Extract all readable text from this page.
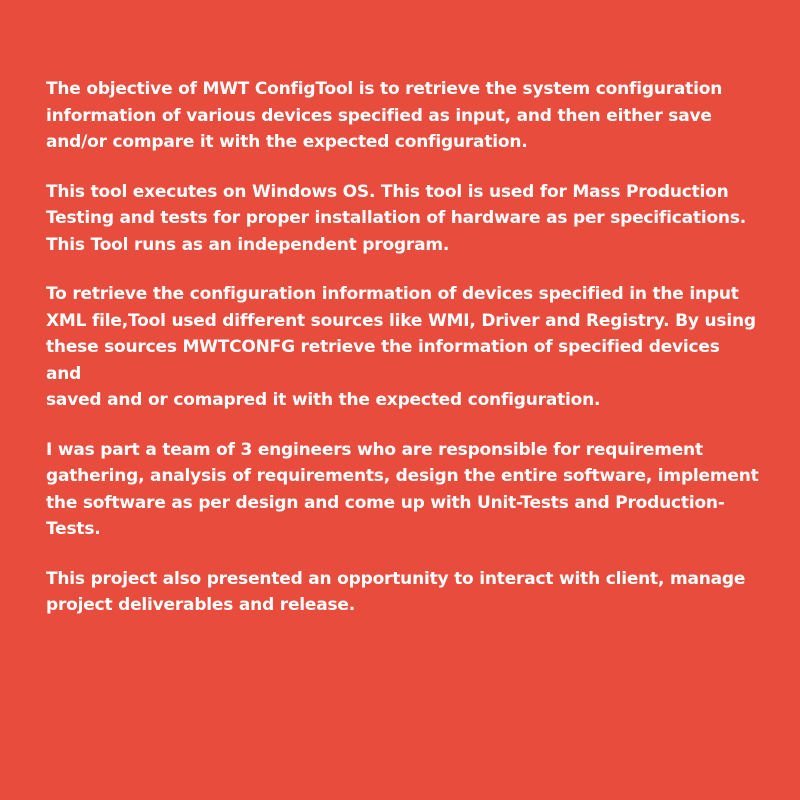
The objective of MWT ConfigTool is to retrieve the system configuration
information of various devices specified as input, and then either save
and/or compare it with the expected configuration.

This tool executes on Windows OS. This tool is used for Mass Production
Testing and tests for proper installation of hardware as per specifications.
This Tool runs as an independent program.

To retrieve the configuration information of devices specified in the input
XML file,Tool used different sources like WMI, Driver and Registry. By using
these sources MWTCONFG retrieve the information of specified devices and
saved and or comapred it with the expected configuration.

I was part a team of 3 engineers who are responsible for requirement
gathering, analysis of requirements, design the entire software, implement
the software as per design and come up with Unit-Tests and Production-
Tests.

This project also presented an opportunity to interact with client, manage
project deliverables and release.
